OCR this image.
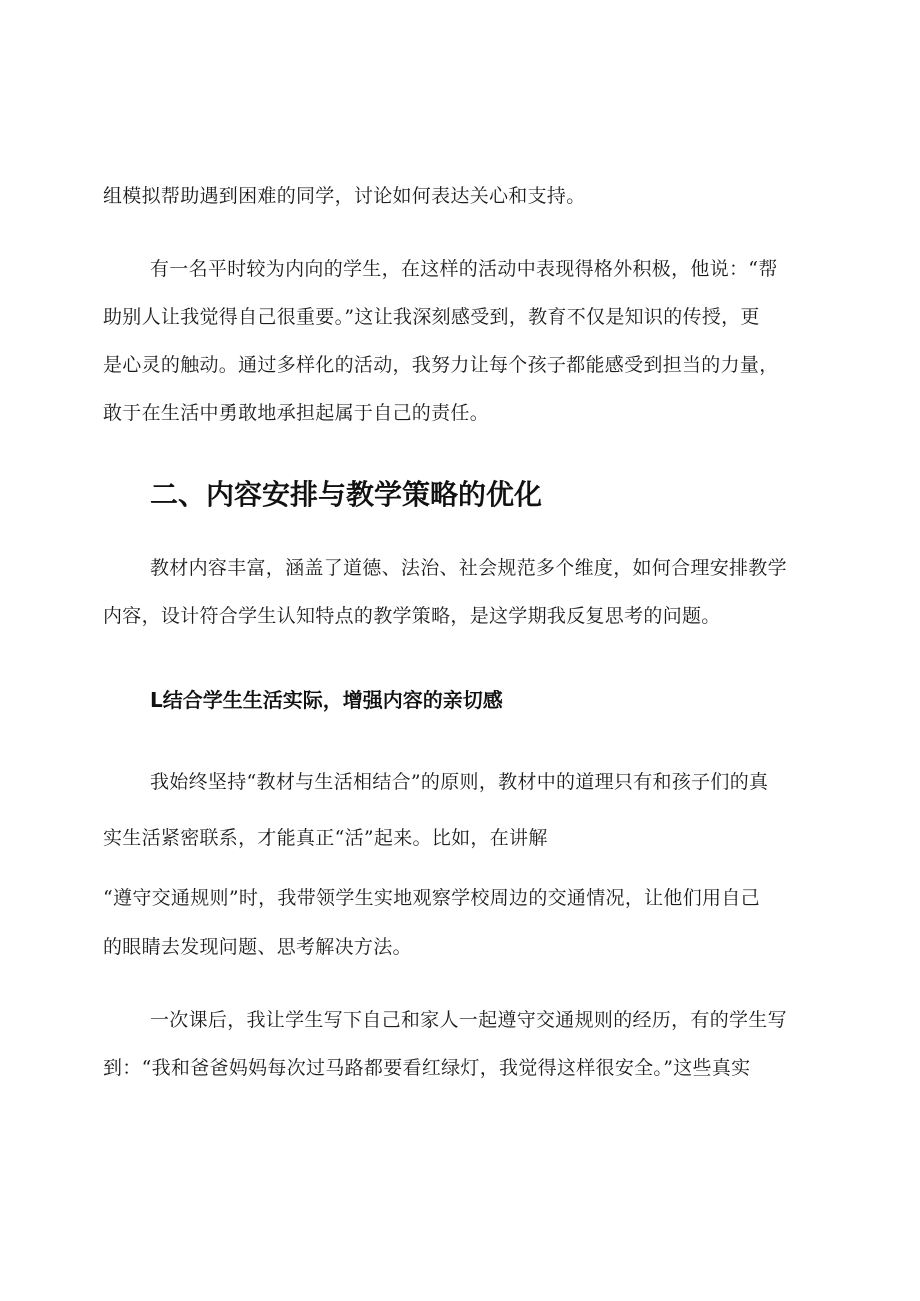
组模拟帮助遇到困难的同学，讨论如何表达关心和支持。
有一名平时较为内向的学生，在这样的活动中表现得格外积极，他说：“帮
助别人让我觉得自己很重要。”这让我深刻感受到，教育不仅是知识的传授，更
是心灵的触动。通过多样化的活动，我努力让每个孩子都能感受到担当的力量，
敢于在生活中勇敢地承担起属于自己的责任。
二、内容安排与教学策略的优化
教材内容丰富，涵盖了道德、法治、社会规范多个维度，如何合理安排教学
内容，设计符合学生认知特点的教学策略，是这学期我反复思考的问题。
L结合学生生活实际，增强内容的亲切感
我始终坚持“教材与生活相结合”的原则，教材中的道理只有和孩子们的真
实生活紧密联系，才能真正“活”起来。比如，在讲解
“遵守交通规则”时，我带领学生实地观察学校周边的交通情况，让他们用自己
的眼睛去发现问题、思考解决方法。
一次课后，我让学生写下自己和家人一起遵守交通规则的经历，有的学生写
到：“我和爸爸妈妈每次过马路都要看红绿灯，我觉得这样很安全。”这些真实
